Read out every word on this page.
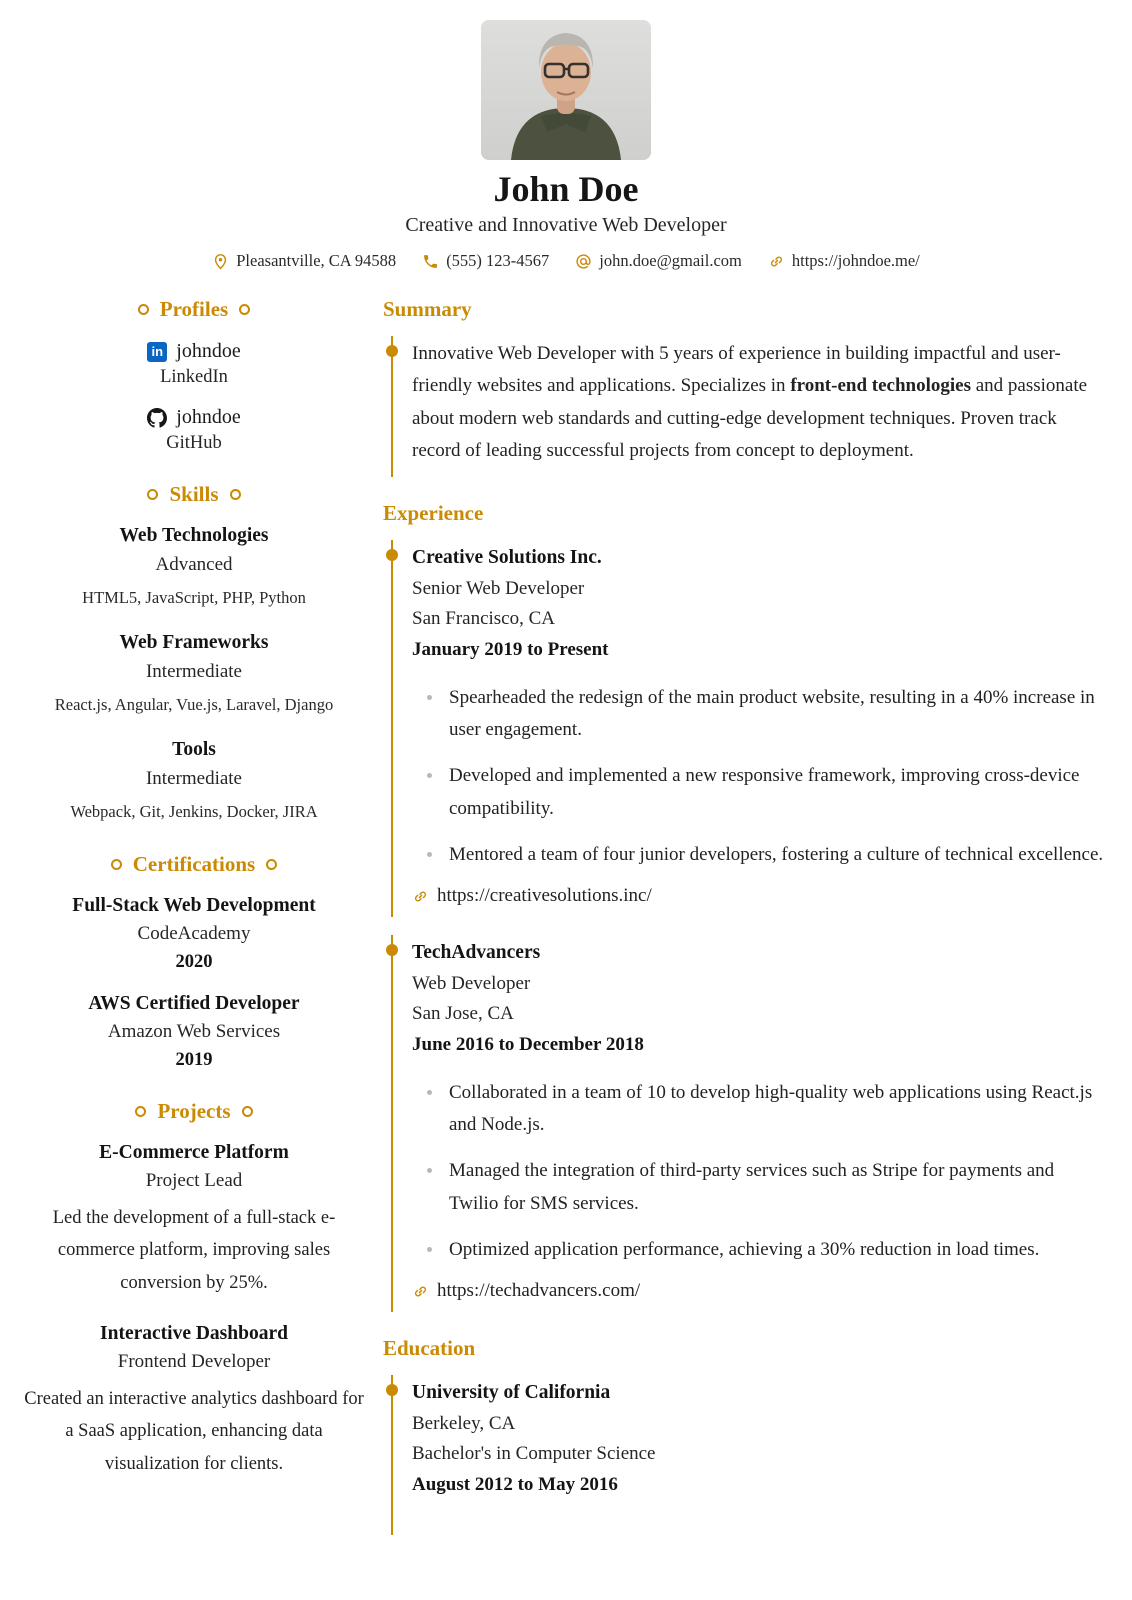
John Doe
Creative and Innovative Web Developer
Pleasantville, CA 94588	(555) 123-4567	john.doe@gmail.com	https://johndoe.me/
Profiles
in johndoe
LinkedIn
johndoe
GitHub
Skills
Web Technologies
Advanced
HTML5, JavaScript, PHP, Python
Web Frameworks
Intermediate
React.js, Angular, Vue.js, Laravel, Django
Tools
Intermediate
Webpack, Git, Jenkins, Docker, JIRA
Certifications
Full-Stack Web Development
CodeAcademy
2020
AWS Certified Developer
Amazon Web Services
2019
Projects
E-Commerce Platform
Project Lead
Led the development of a full-stack e-commerce platform, improving sales conversion by 25%.
Interactive Dashboard
Frontend Developer
Created an interactive analytics dashboard for a SaaS application, enhancing data visualization for clients.
Summary
Innovative Web Developer with 5 years of experience in building impactful and user-friendly websites and applications. Specializes in front-end technologies and passionate about modern web standards and cutting-edge development techniques. Proven track record of leading successful projects from concept to deployment.
Experience
Creative Solutions Inc.
Senior Web Developer
San Francisco, CA
January 2019 to Present
Spearheaded the redesign of the main product website, resulting in a 40% increase in user engagement.
Developed and implemented a new responsive framework, improving cross-device compatibility.
Mentored a team of four junior developers, fostering a culture of technical excellence.
https://creativesolutions.inc/
TechAdvancers
Web Developer
San Jose, CA
June 2016 to December 2018
Collaborated in a team of 10 to develop high-quality web applications using React.js and Node.js.
Managed the integration of third-party services such as Stripe for payments and Twilio for SMS services.
Optimized application performance, achieving a 30% reduction in load times.
https://techadvancers.com/
Education
University of California
Berkeley, CA
Bachelor's in Computer Science
August 2012 to May 2016
